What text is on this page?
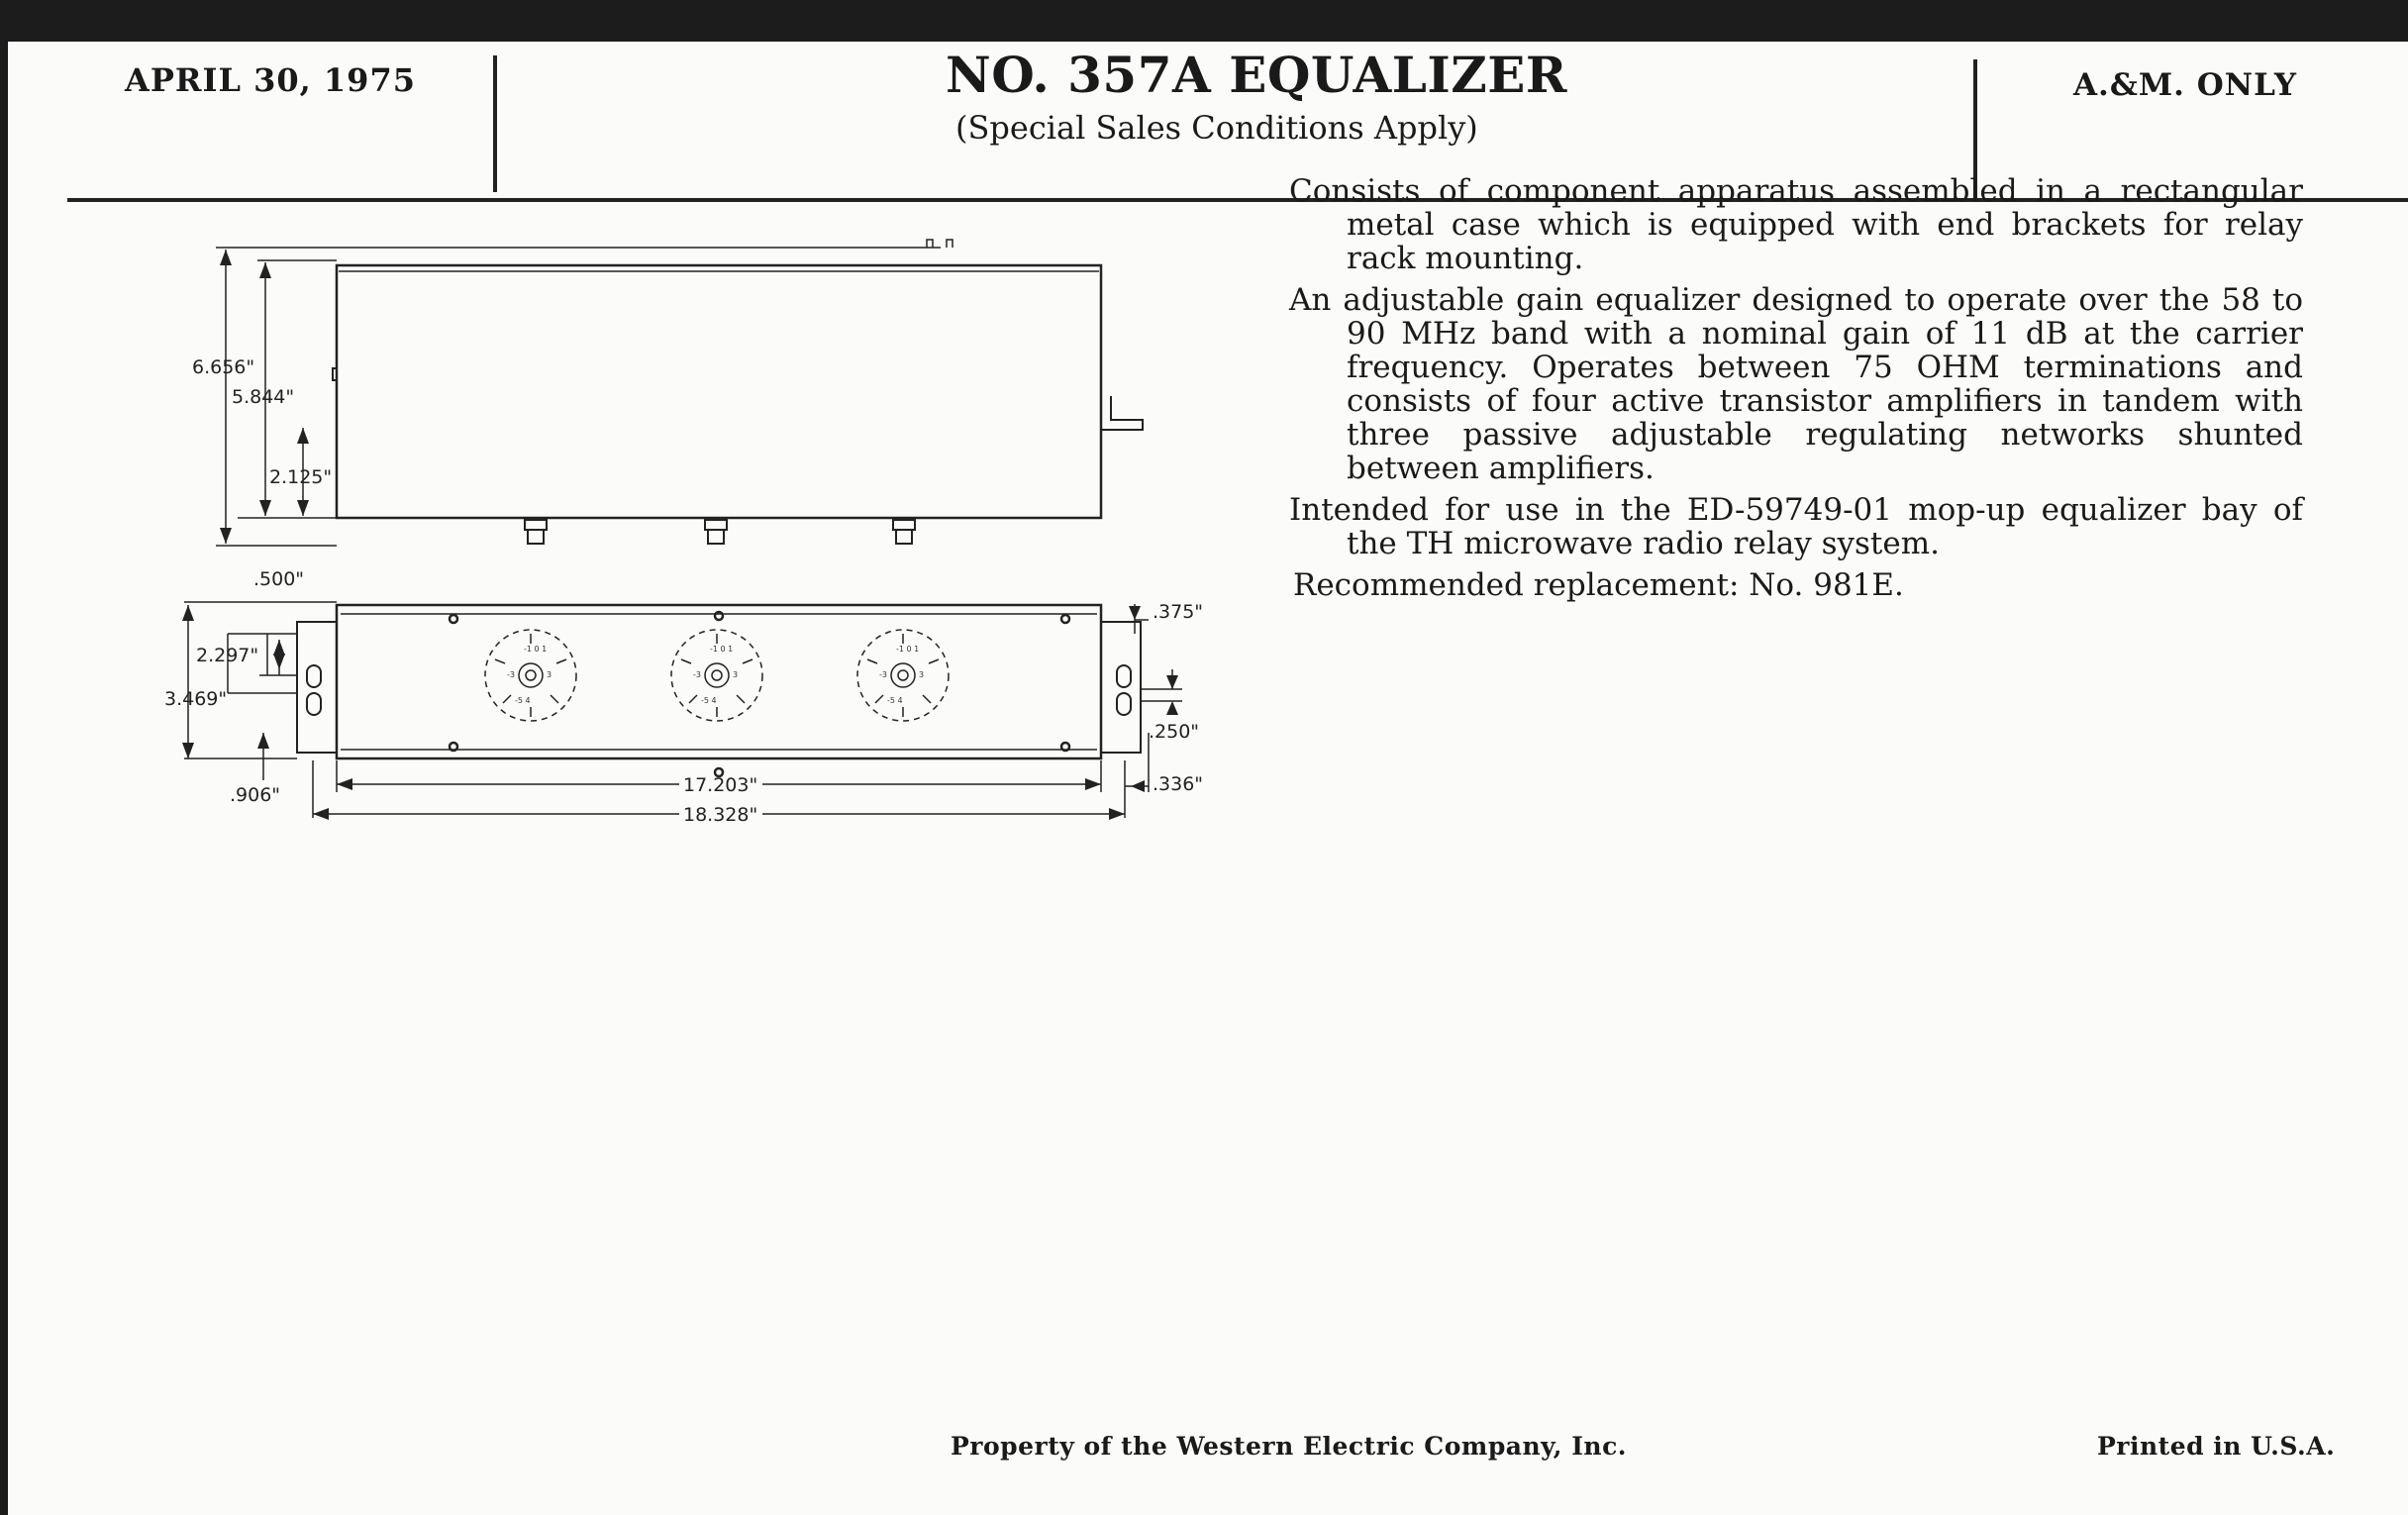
APRIL 30, 1975	NO. 357A EQUALIZER
(Special Sales Conditions Apply)
A.&M. ONLY

Consists of component apparatus assembled in a rectangular metal case which is equipped with end brackets for relay rack mounting.

An adjustable gain equalizer designed to operate over the 58 to 90 MHz band with a nominal gain of 11 dB at the carrier frequency. Operates between 75 OHM terminations and consists of four active transistor amplifiers in tandem with three passive adjustable regulating networks shunted between amplifiers.

Intended for use in the ED-59749-01 mop-up equalizer bay of the TH microwave radio relay system.

Recommended replacement: No. 981E.

-1 0 1
-3	3
-5 4
-1 0 1
-3	3
-5 4
-1 0 1
-3	3
-5 4
6.656"
5.844"
2.125"
.500"
2.297"
3.469"
.906"
.375"
.250"
.336"
17.203"
18.328"
Property of the Western Electric Company, Inc.	Printed in U.S.A.
